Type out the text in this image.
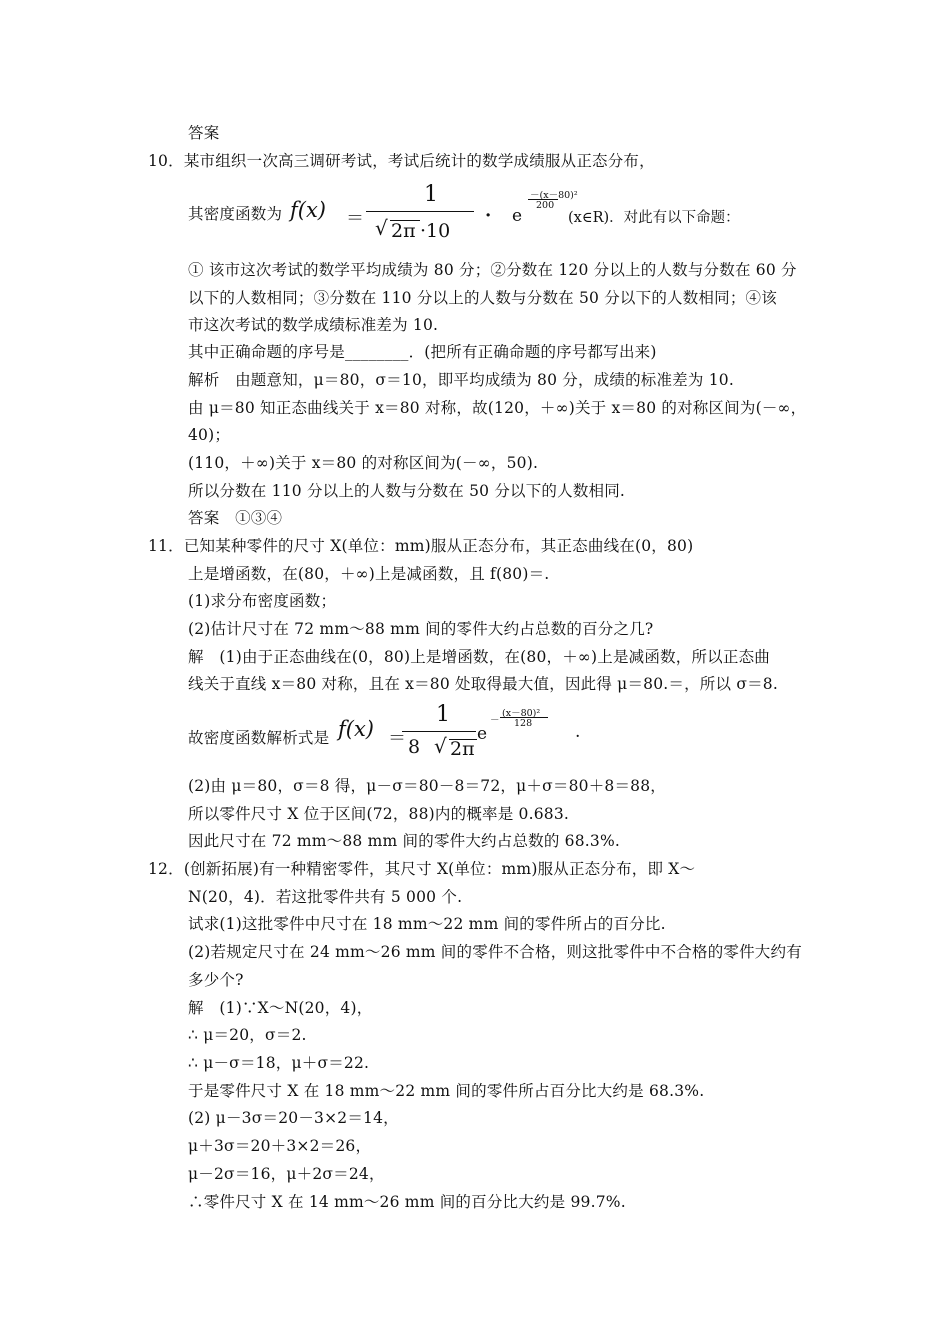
答案
10．某市组织一次高三调研考试，考试后统计的数学成绩服从正态分布，
其密度函数为 f(x) ＝
1
√ 2π ·10
· e
－(x－80)²
200
(x∈R)．对此有以下命题：
① 该市这次考试的数学平均成绩为 80 分；②分数在 120 分以上的人数与分数在 60 分
以下的人数相同；③分数在 110 分以上的人数与分数在 50 分以下的人数相同；④该
市这次考试的数学成绩标准差为 10.
其中正确命题的序号是________．(把所有正确命题的序号都写出来)
解析　由题意知，μ＝80，σ＝10，即平均成绩为 80 分，成绩的标准差为 10.
由 μ＝80 知正态曲线关于 x＝80 对称，故(120，＋∞)关于 x＝80 的对称区间为(－∞，
40)；
(110，＋∞)关于 x＝80 的对称区间为(－∞，50).
所以分数在 110 分以上的人数与分数在 50 分以下的人数相同.
答案　①③④
11．已知某种零件的尺寸 X(单位：mm)服从正态分布，其正态曲线在(0，80)
上是增函数，在(80，＋∞)上是减函数，且 f(80)＝.
(1)求分布密度函数；
(2)估计尺寸在 72 mm～88 mm 间的零件大约占总数的百分之几?
解　(1)由于正态曲线在(0，80)上是增函数，在(80，＋∞)上是减函数，所以正态曲
线关于直线 x＝80 对称，且在 x＝80 处取得最大值，因此得 μ＝80.＝，所以 σ＝8.
故密度函数解析式是 f(x) ＝
1
8 √ 2π
e
－
(x－80)²
128	.
(2)由 μ＝80，σ＝8 得，μ－σ＝80－8＝72，μ＋σ＝80＋8＝88，
所以零件尺寸 X 位于区间(72，88)内的概率是 0.683.
因此尺寸在 72 mm～88 mm 间的零件大约占总数的 68.3%.
12．(创新拓展)有一种精密零件，其尺寸 X(单位：mm)服从正态分布，即 X～
N(20，4)．若这批零件共有 5 000 个.
试求(1)这批零件中尺寸在 18 mm～22 mm 间的零件所占的百分比.
(2)若规定尺寸在 24 mm～26 mm 间的零件不合格，则这批零件中不合格的零件大约有
多少个?
解　(1)∵X～N(20，4)，
∴ μ＝20，σ＝2.
∴ μ－σ＝18，μ＋σ＝22.
于是零件尺寸 X 在 18 mm～22 mm 间的零件所占百分比大约是 68.3%.
(2) μ－3σ＝20－3×2＝14，
μ＋3σ＝20＋3×2＝26，
μ－2σ＝16，μ＋2σ＝24，
∴零件尺寸 X 在 14 mm～26 mm 间的百分比大约是 99.7%.
